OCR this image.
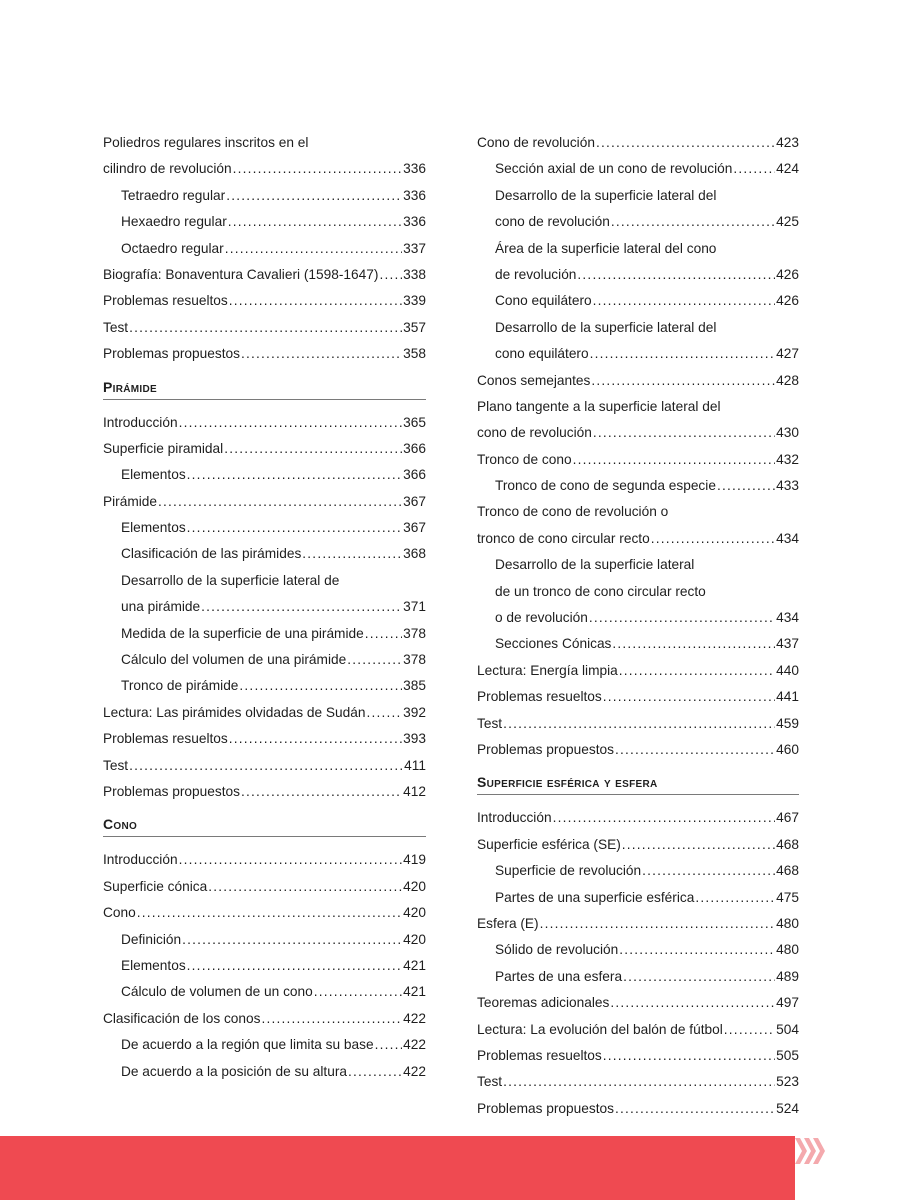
Poliedros regulares inscritos en el
cilindro de revolución . . .	336
Tetraedro regular . . .	336
Hexaedro regular . . .	336
Octaedro regular . . .	337
Biografía: Bonaventura Cavalieri (1598-1647) . . . 338
Problemas resueltos . . .	339
Test . . .	357
Problemas propuestos . . .	358
Pirámide
Introducción . . .	365
Superficie piramidal . . .	366
Elementos . . .	366
Pirámide . . .	367
Elementos . . .	367
Clasificación de las pirámides . . .	368
Desarrollo de la superficie lateral de
una pirámide . . .	371
Medida de la superficie de una pirámide . . .	378
Cálculo del volumen de una pirámide . . .	378
Tronco de pirámide . . .	385
Lectura: Las pirámides olvidadas de Sudán . . .	392
Problemas resueltos . . .	393
Test . . .	411
Problemas propuestos . . .	412
Cono
Introducción . . .	419
Superficie cónica . . .	420
Cono . . .	420
Definición . . .	420
Elementos . . .	421
Cálculo de volumen de un cono . . .	421
Clasificación de los conos . . .	422
De acuerdo a la región que limita su base . . . 422
De acuerdo a la posición de su altura . . .	422
Cono de revolución . . .	423
Sección axial de un cono de revolución . . .	424
Desarrollo de la superficie lateral del
cono de revolución . . .	425
Área de la superficie lateral del cono
de revolución . . .	426
Cono equilátero . . .	426
Desarrollo de la superficie lateral del
cono equilátero . . .	427
Conos semejantes . . .	428
Plano tangente a la superficie lateral del
cono de revolución . . .	430
Tronco de cono . . .	432
Tronco de cono de segunda especie . . .	433
Tronco de cono de revolución o
tronco de cono circular recto . . .	434
Desarrollo de la superficie lateral
de un tronco de cono circular recto
o de revolución . . .	434
Secciones Cónicas . . .	437
Lectura: Energía limpia . . .	440
Problemas resueltos . . .	441
Test . . .	459
Problemas propuestos . . .	460
Superficie esférica y esfera
Introducción . . .	467
Superficie esférica (SE) . . .	468
Superficie de revolución . . .	468
Partes de una superficie esférica . . .	475
Esfera (E) . . .	480
Sólido de revolución . . .	480
Partes de una esfera . . .	489
Teoremas adicionales . . .	497
Lectura: La evolución del balón de fútbol . . .	504
Problemas resueltos . . .	505
Test . . .	523
Problemas propuestos . . .	524
